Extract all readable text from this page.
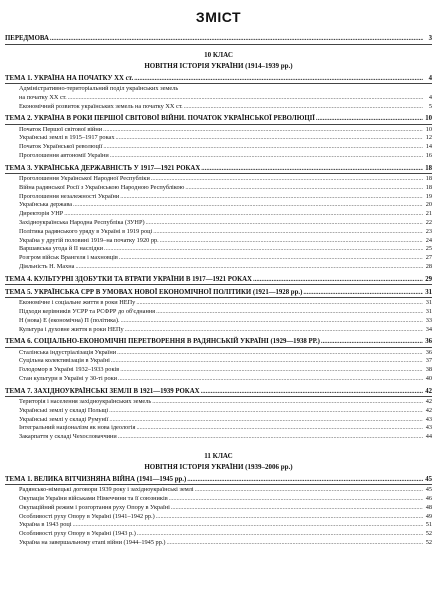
ЗМІСТ
ПЕРЕДМОВА .....	3
10 КЛАС
НОВІТНЯ ІСТОРІЯ УКРАЇНИ (1914–1939 рр.)
ТЕМА 1. УКРАЇНА НА ПОЧАТКУ ХХ ст. .....	4
Адміністративно-територіальний поділ українських земель
на початку ХХ ст. .....	4
Економічний розвиток українських земель на початку ХХ ст. .....	5
ТЕМА 2. УКРАЇНА В РОКИ ПЕРШОЇ СВІТОВОЇ ВІЙНИ. ПОЧАТОК УКРАЇНСЬКОЇ РЕВОЛЮЦІЇ .....	10
Початок Першої світової війни .....	10
Українські землі в 1915–1917 роках .....	12
Початок Української революції .....	14
Проголошення автономії України .....	16
ТЕМА 3. УКРАЇНСЬКА ДЕРЖАВНІСТЬ У 1917—1921 РОКАХ .....	18
Проголошення Української Народної Республіки .....	18
Війна радянської Росії з Українською Народною Республікою .....	18
Проголошення незалежності України .....	19
Українська держава .....	20
Директорія УНР .....	21
Західноукраїнська Народна Республіка (ЗУНР) .....	22
Політика радянського уряду в Україні в 1919 році .....	23
Україна у другій половині 1919–на початку 1920 рр. .....	24
Варшавська угода й ІІ наслідки .....	25
Розгром військ Врангеля і махновців .....	27
Діяльність Н. Махна .....	28
ТЕМА 4. КУЛЬТУРНІ ЗДОБУТКИ ТА ВТРАТИ УКРАЇНИ В 1917—1921 РОКАХ .....	29
ТЕМА 5. УКРАЇНСЬКА СРР В УМОВАХ НОВОЇ ЕКОНОМІЧНОЇ ПОЛІТИКИ (1921—1928 рр.) .....	31
Економічне і соціальне життя в роки НЕПу .....	31
Підходи керівників УСРР та РСФРР до об'єднання .....	31
Н (нова) Е (економічна) П (політика). .....	33
Культура і духовне життя в роки НЕПу .....	34
ТЕМА 6. СОЦІАЛЬНО-ЕКОНОМІЧНІ ПЕРЕТВОРЕННЯ В РАДЯНСЬКІЙ УКРАЇНІ (1929—1938 РР.) .....	36
Сталінська індустріалізація України .....	36
Суцільна колективізація в Україні .....	37
Голодомор в Україні 1932–1933 років .....	38
Стан культури в Україні у 30-ті роки .....	40
ТЕМА 7. ЗАХІДНОУКРАЇНСЬКІ ЗЕМЛІ В 1921—1939 РОКАХ .....	42
Територія і населення західноукраїнських земель .....	42
Українські землі у складі Польщі .....	42
Українські землі у складі Румунії .....	43
Інтегральний націоналізм як нова ідеологія .....	43
Закарпаття у складі Чехословаччини .....	44
11 КЛАС
НОВІТНЯ ІСТОРІЯ УКРАЇНИ (1939–2006 рр.)
ТЕМА 1. ВЕЛИКА ВІТЧИЗНЯНА ВІЙНА (1941—1945 рр.) .....	45
Радянсько-німецькі договори 1939 року і західноукраїнські землі .....	45
Окупація України військами Німеччини та її союзників .....	46
Окупаційний режим і розгортання руху Опору в Україні .....	48
Особливості руху Опору в Україні (1941–1942 рр.) .....	49
Україна в 1943 році .....	51
Особливості руху Опору в Україні (1943 р.) .....	52
Україна на завершальному етапі війни (1944–1945 рр.) .....	52
